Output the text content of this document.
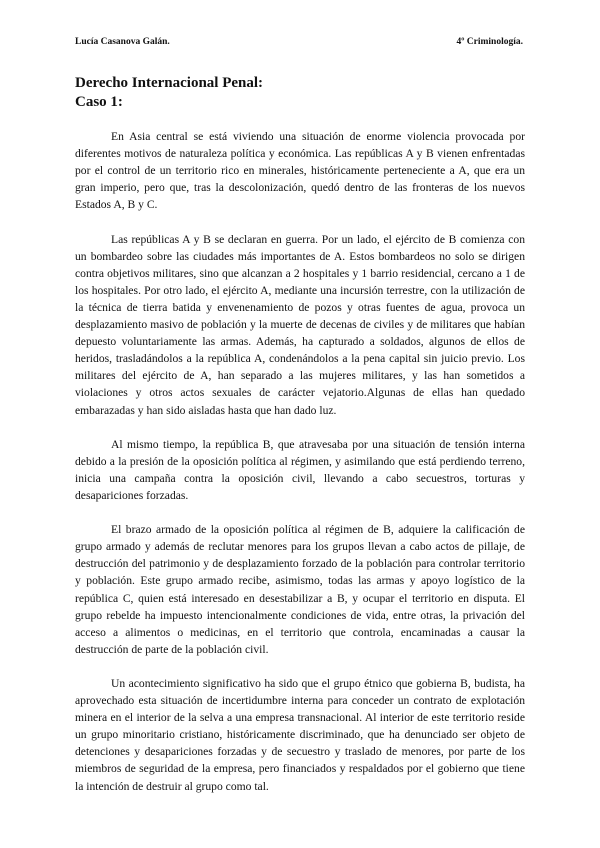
Lucía Casanova Galán.	4º Criminología.
Derecho Internacional Penal:
Caso 1:

En Asia central se está viviendo una situación de enorme violencia provocada por diferentes motivos de naturaleza política y económica. Las repúblicas A y B vienen enfrentadas por el control de un territorio rico en minerales, históricamente perteneciente a A, que era un gran imperio, pero que, tras la descolonización, quedó dentro de las fronteras de los nuevos Estados A, B y C.

Las repúblicas A y B se declaran en guerra. Por un lado, el ejército de B comienza con un bombardeo sobre las ciudades más importantes de A. Estos bombardeos no solo se dirigen contra objetivos militares, sino que alcanzan a 2 hospitales y 1 barrio residencial, cercano a 1 de los hospitales. Por otro lado, el ejército A, mediante una incursión terrestre, con la utilización de la técnica de tierra batida y envenenamiento de pozos y otras fuentes de agua, provoca un desplazamiento masivo de población y la muerte de decenas de civiles y de militares que habían depuesto voluntariamente las armas. Además, ha capturado a soldados, algunos de ellos de heridos, trasladándolos a la república A, condenándolos a la pena capital sin juicio previo. Los militares del ejército de A, han separado a las mujeres militares, y las han sometidos a violaciones y otros actos sexuales de carácter vejatorio.Algunas de ellas han quedado embarazadas y han sido aisladas hasta que han dado luz.

Al mismo tiempo, la república B, que atravesaba por una situación de tensión interna debido a la presión de la oposición política al régimen, y asimilando que está perdiendo terreno, inicia una campaña contra la oposición civil, llevando a cabo secuestros, torturas y desapariciones forzadas.

El brazo armado de la oposición política al régimen de B, adquiere la calificación de grupo armado y además de reclutar menores para los grupos llevan a cabo actos de pillaje, de destrucción del patrimonio y de desplazamiento forzado de la población para controlar territorio y población. Este grupo armado recibe, asimismo, todas las armas y apoyo logístico de la república C, quien está interesado en desestabilizar a B, y ocupar el territorio en disputa. El grupo rebelde ha impuesto intencionalmente condiciones de vida, entre otras, la privación del acceso a alimentos o medicinas, en el territorio que controla, encaminadas a causar la destrucción de parte de la población civil.

Un acontecimiento significativo ha sido que el grupo étnico que gobierna B, budista, ha aprovechado esta situación de incertidumbre interna para conceder un contrato de explotación minera en el interior de la selva a una empresa transnacional. Al interior de este territorio reside un grupo minoritario cristiano, históricamente discriminado, que ha denunciado ser objeto de detenciones y desapariciones forzadas y de secuestro y traslado de menores, por parte de los miembros de seguridad de la empresa, pero financiados y respaldados por el gobierno que tiene la intención de destruir al grupo como tal.
